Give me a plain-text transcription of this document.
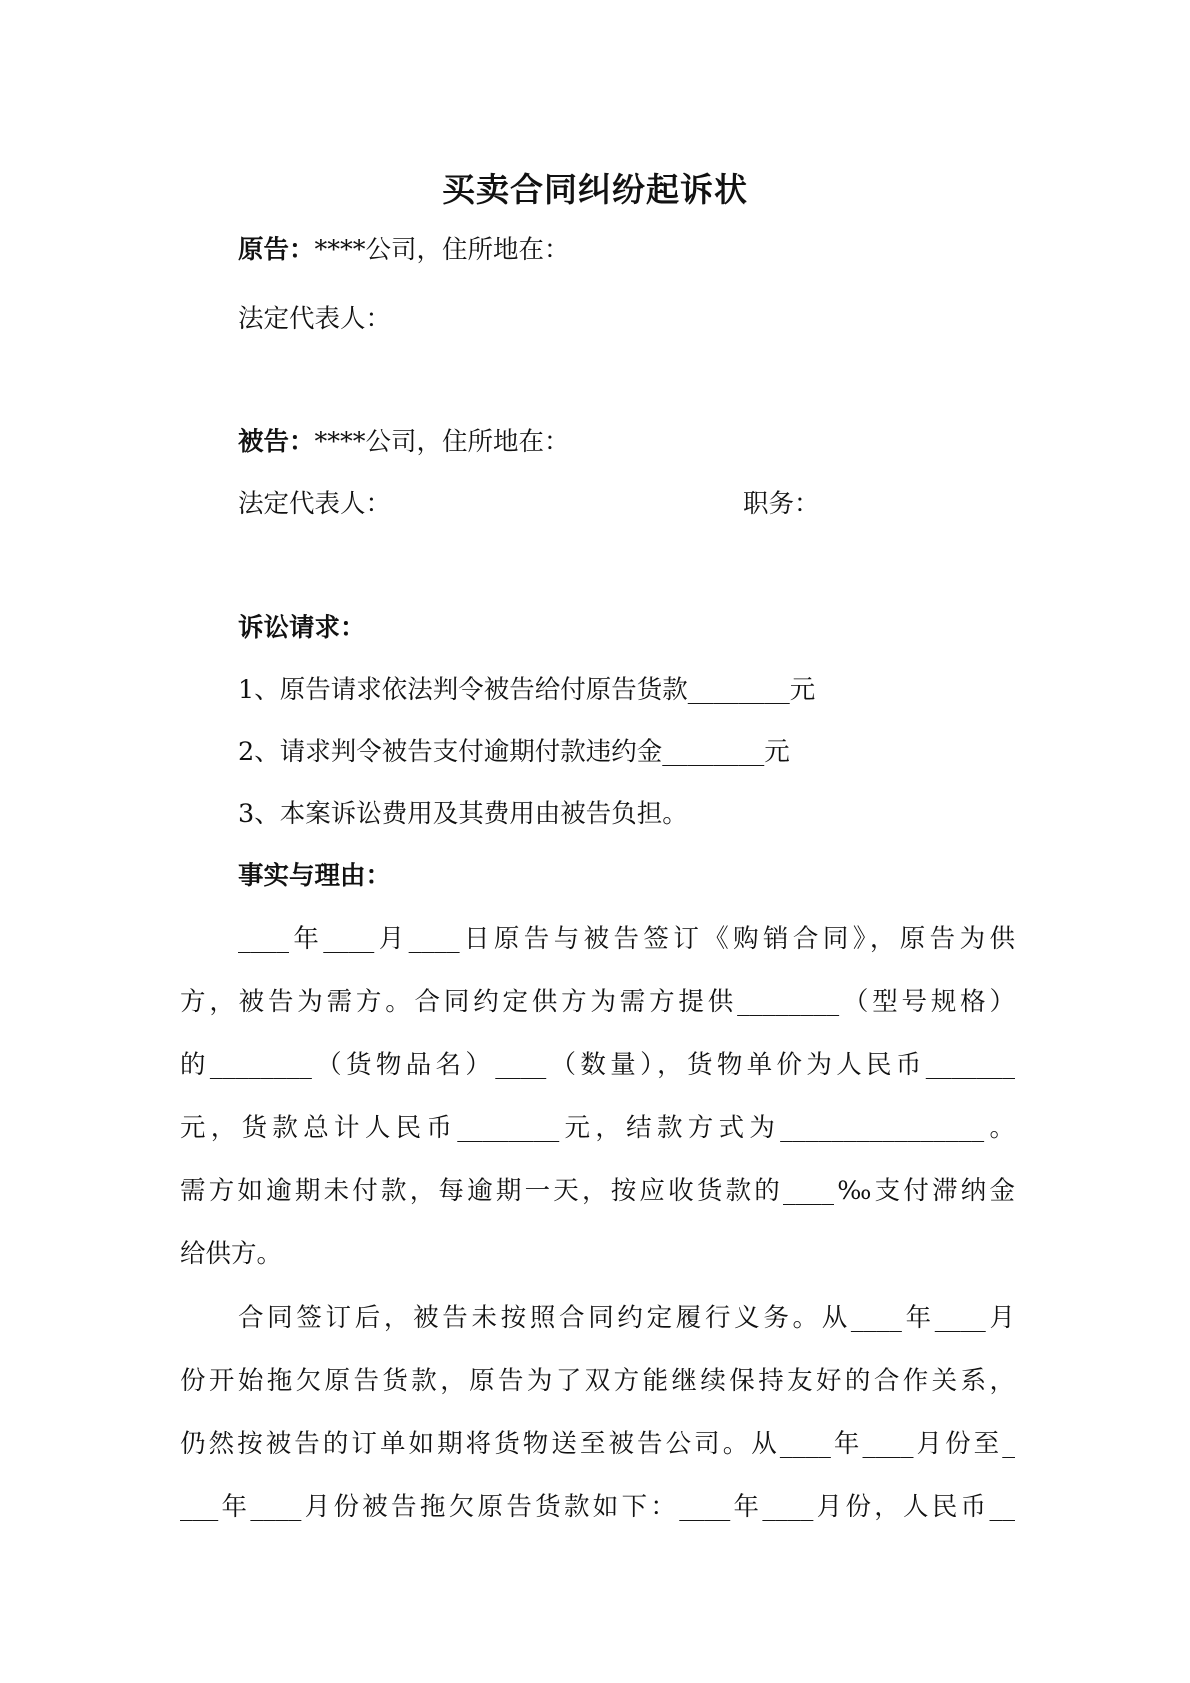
买卖合同纠纷起诉状

原告：****公司，住所地在：

法定代表人：

被告：****公司，住所地在：

法定代表人：	职务：

诉讼请求：

1、原告请求依法判令被告给付原告货款________元

2、请求判令被告支付逾期付款违约金________元

3、本案诉讼费用及其费用由被告负担。

事实与理由：

____年____月____日原告与被告签订《购销合同》，原告为供

方，被告为需方。合同约定供方为需方提供________（型号规格）

的________（货物品名）____（数量），货物单价为人民币_______

元，货款总计人民币________元，结款方式为________________。

需方如逾期未付款，每逾期一天，按应收货款的____‰支付滞纳金

给供方。

合同签订后，被告未按照合同约定履行义务。从____年____月

份开始拖欠原告货款，原告为了双方能继续保持友好的合作关系，

仍然按被告的订单如期将货物送至被告公司。从____年____月份至_

___年____月份被告拖欠原告货款如下：____年____月份，人民币__
